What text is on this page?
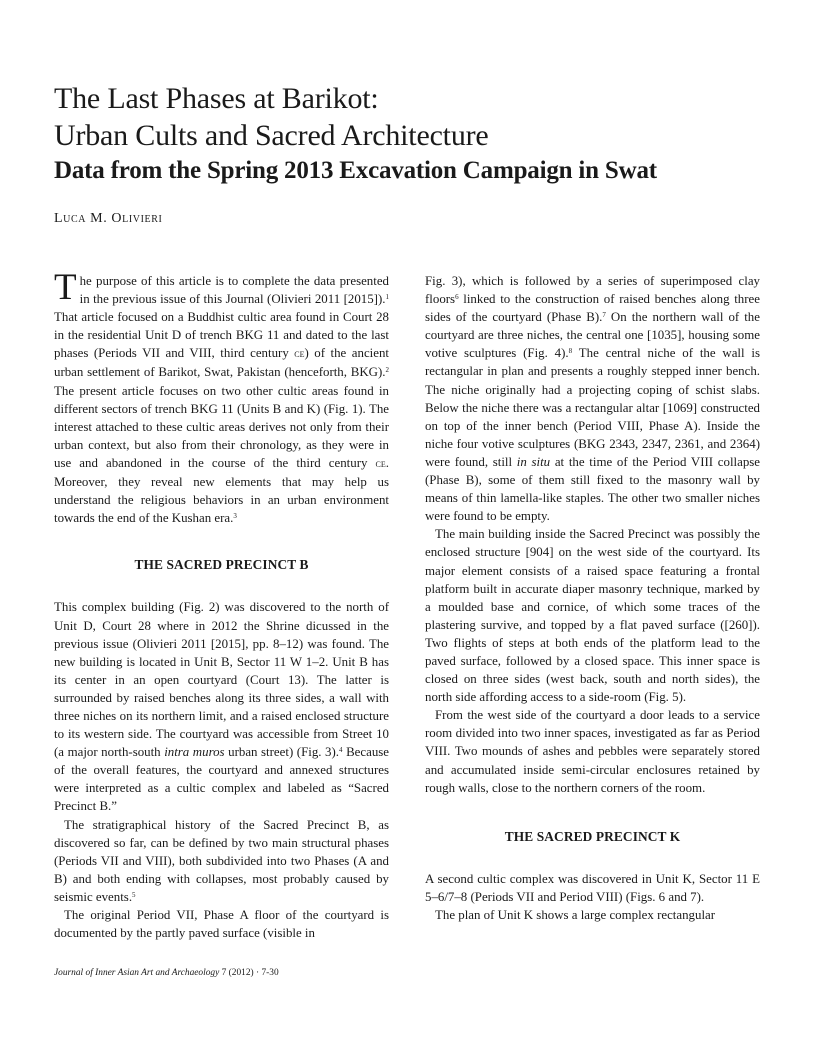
The Last Phases at Barikot:
Urban Cults and Sacred Architecture
Data from the Spring 2013 Excavation Campaign in Swat
Luca M. Olivieri

The purpose of this article is to complete the data presented in the previous issue of this Journal (Olivieri 2011 [2015]).$^1$ That article focused on a Buddhist cultic area found in Court 28 in the residential Unit D of trench BKG 11 and dated to the last phases (Periods VII and VIII, third century ce) of the ancient urban settlement of Barikot, Swat, Pakistan (henceforth, BKG).$^2$ The present article focuses on two other cultic areas found in different sectors of trench BKG 11 (Units B and K) (Fig. 1). The interest attached to these cultic areas derives not only from their urban context, but also from their chronology, as they were in use and abandoned in the course of the third century ce. Moreover, they reveal new elements that may help us understand the religious behaviors in an urban environment towards the end of the Kushan era.$^3$

THE SACRED PRECINCT B

This complex building (Fig. 2) was discovered to the north of Unit D, Court 28 where in 2012 the Shrine dicussed in the previous issue (Olivieri 2011 [2015], pp. 8–12) was found. The new building is located in Unit B, Sector 11 W 1–2. Unit B has its center in an open courtyard (Court 13). The latter is surrounded by raised benches along its three sides, a wall with three niches on its northern limit, and a raised enclosed structure to its western side. The courtyard was accessible from Street 10 (a major north-south intra muros urban street) (Fig. 3).$^4$ Because of the overall features, the courtyard and annexed structures were interpreted as a cultic complex and labeled as “Sacred Precinct B.”

The stratigraphical history of the Sacred Precinct B, as discovered so far, can be defined by two main structural phases (Periods VII and VIII), both subdivided into two Phases (A and B) and both ending with collapses, most probably caused by seismic events.$^5$

The original Period VII, Phase A floor of the courtyard is documented by the partly paved surface (visible in

Fig. 3), which is followed by a series of superimposed clay floors$^6$ linked to the construction of raised benches along three sides of the courtyard (Phase B).$^7$ On the northern wall of the courtyard are three niches, the central one [1035], housing some votive sculptures (Fig. 4).$^8$ The central niche of the wall is rectangular in plan and presents a roughly stepped inner bench. The niche originally had a projecting coping of schist slabs. Below the niche there was a rectangular altar [1069] constructed on top of the inner bench (Period VIII, Phase A). Inside the niche four votive sculptures (BKG 2343, 2347, 2361, and 2364) were found, still in situ at the time of the Period VIII collapse (Phase B), some of them still fixed to the masonry wall by means of thin lamella-like staples. The other two smaller niches were found to be empty.

The main building inside the Sacred Precinct was possibly the enclosed structure [904] on the west side of the courtyard. Its major element consists of a raised space featuring a frontal platform built in accurate diaper masonry technique, marked by a moulded base and cornice, of which some traces of the plastering survive, and topped by a flat paved surface ([260]). Two flights of steps at both ends of the platform lead to the paved surface, followed by a closed space. This inner space is closed on three sides (west back, south and north sides), the north side affording access to a side-room (Fig. 5).

From the west side of the courtyard a door leads to a service room divided into two inner spaces, investigated as far as Period VIII. Two mounds of ashes and pebbles were separately stored and accumulated inside semi-circular enclosures retained by rough walls, close to the northern corners of the room.

THE SACRED PRECINCT K

A second cultic complex was discovered in Unit K, Sector 11 E 5–6/7–8 (Periods VII and Period VIII) (Figs. 6 and 7).

The plan of Unit K shows a large complex rectangular

Journal of Inner Asian Art and Archaeology 7 (2012) · 7-30
